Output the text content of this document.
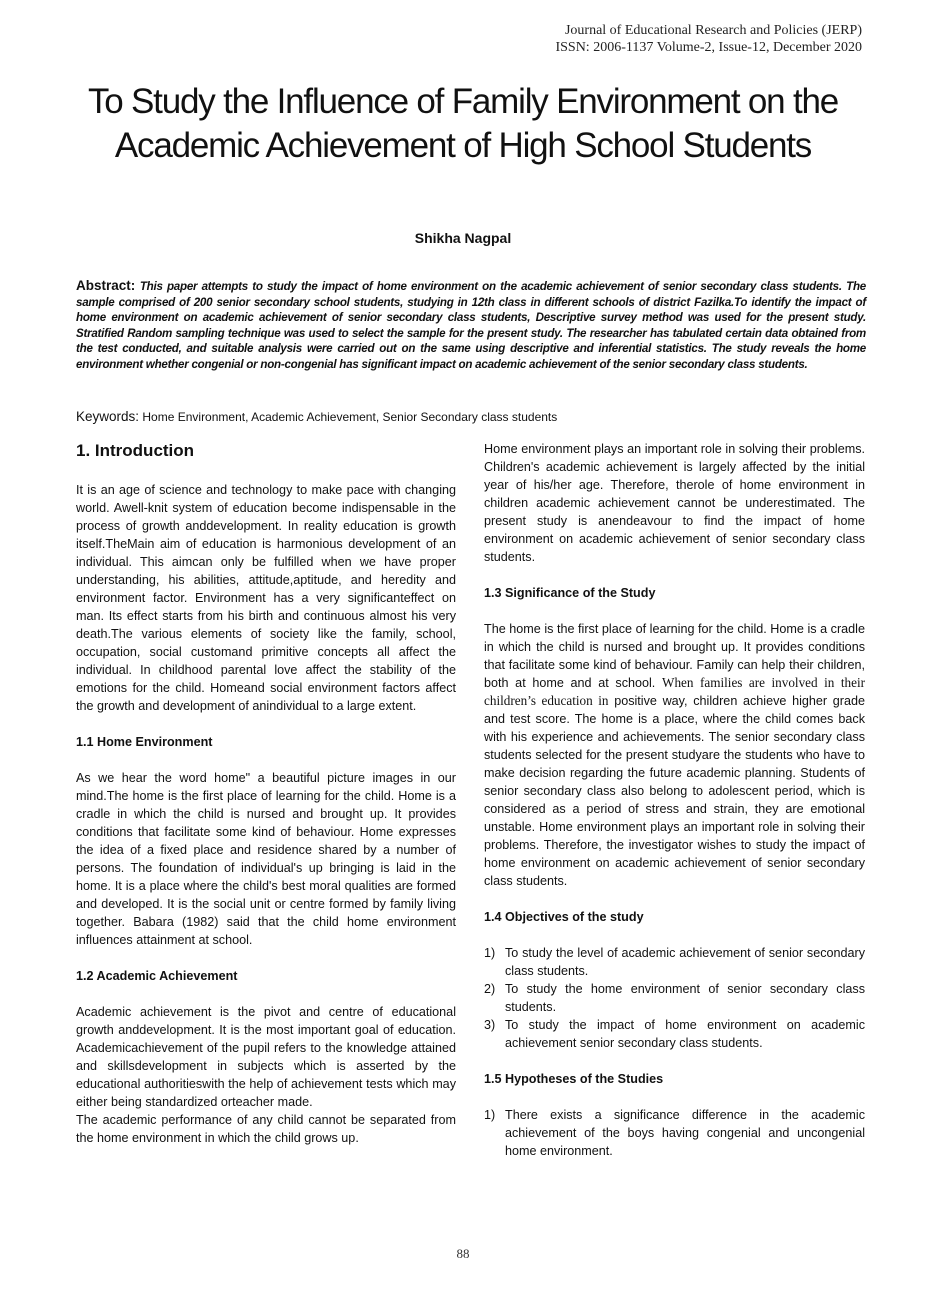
Journal of Educational Research and Policies (JERP)
ISSN: 2006-1137 Volume-2, Issue-12, December 2020
To Study the Influence of Family Environment on the Academic Achievement of High School Students
Shikha Nagpal

Abstract: This paper attempts to study the impact of home environment on the academic achievement of senior secondary class students. The sample comprised of 200 senior secondary school students, studying in 12th class in different schools of district Fazilka.To identify the impact of home environment on academic achievement of senior secondary class students, Descriptive survey method was used for the present study. Stratified Random sampling technique was used to select the sample for the present study. The researcher has tabulated certain data obtained from the test conducted, and suitable analysis were carried out on the same using descriptive and inferential statistics. The study reveals the home environment whether congenial or non-congenial has significant impact on academic achievement of the senior secondary class students.

Keywords: Home Environment, Academic Achievement, Senior Secondary class students

1. Introduction

It is an age of science and technology to make pace with changing world. Awell-knit system of education become indispensable in the process of growth anddevelopment. In reality education is growth itself.TheMain aim of education is harmonious development of an individual. This aimcan only be fulfilled when we have proper understanding, his abilities, attitude,aptitude, and heredity and environment factor. Environment has a very significanteffect on man. Its effect starts from his birth and continuous almost his very death.The various elements of society like the family, school, occupation, social customand primitive concepts all affect the individual. In childhood parental love affect the stability of the emotions for the child. Homeand social environment factors affect the growth and development of anindividual to a large extent.

1.1 Home Environment

As we hear the word home" a beautiful picture images in our mind.The home is the first place of learning for the child. Home is a cradle in which the child is nursed and brought up. It provides conditions that facilitate some kind of behaviour. Home expresses the idea of a fixed place and residence shared by a number of persons. The foundation of individual's up bringing is laid in the home. It is a place where the child's best moral qualities are formed and developed. It is the social unit or centre formed by family living together. Babara (1982) said that the child home environment influences attainment at school.

1.2 Academic Achievement

Academic achievement is the pivot and centre of educational growth anddevelopment. It is the most important goal of education. Academicachievement of the pupil refers to the knowledge attained and skillsdevelopment in subjects which is asserted by the educational authoritieswith the help of achievement tests which may either being standardized orteacher made.

The academic performance of any child cannot be separated from the home environment in which the child grows up.

Home environment plays an important role in solving their problems. Children's academic achievement is largely affected by the initial year of his/her age. Therefore, therole of home environment in children academic achievement cannot be underestimated. The present study is anendeavour to find the impact of home environment on academic achievement of senior secondary class students.

1.3 Significance of the Study

The home is the first place of learning for the child. Home is a cradle in which the child is nursed and brought up. It provides conditions that facilitate some kind of behaviour. Family can help their children, both at home and at school. When families are involved in their children’s education in positive way, children achieve higher grade and test score. The home is a place, where the child comes back with his experience and achievements. The senior secondary class students selected for the present studyare the students who have to make decision regarding the future academic planning. Students of senior secondary class also belong to adolescent period, which is considered as a period of stress and strain, they are emotional unstable. Home environment plays an important role in solving their problems. Therefore, the investigator wishes to study the impact of home environment on academic achievement of senior secondary class students.

1.4 Objectives of the study
1) To study the level of academic achievement of senior secondary class students.
2) To study the home environment of senior secondary class students.
3) To study the impact of home environment on academic achievement senior secondary class students.
1.5 Hypotheses of the Studies
1) There exists a significance difference in the academic achievement of the boys having congenial and uncongenial home environment.
88
